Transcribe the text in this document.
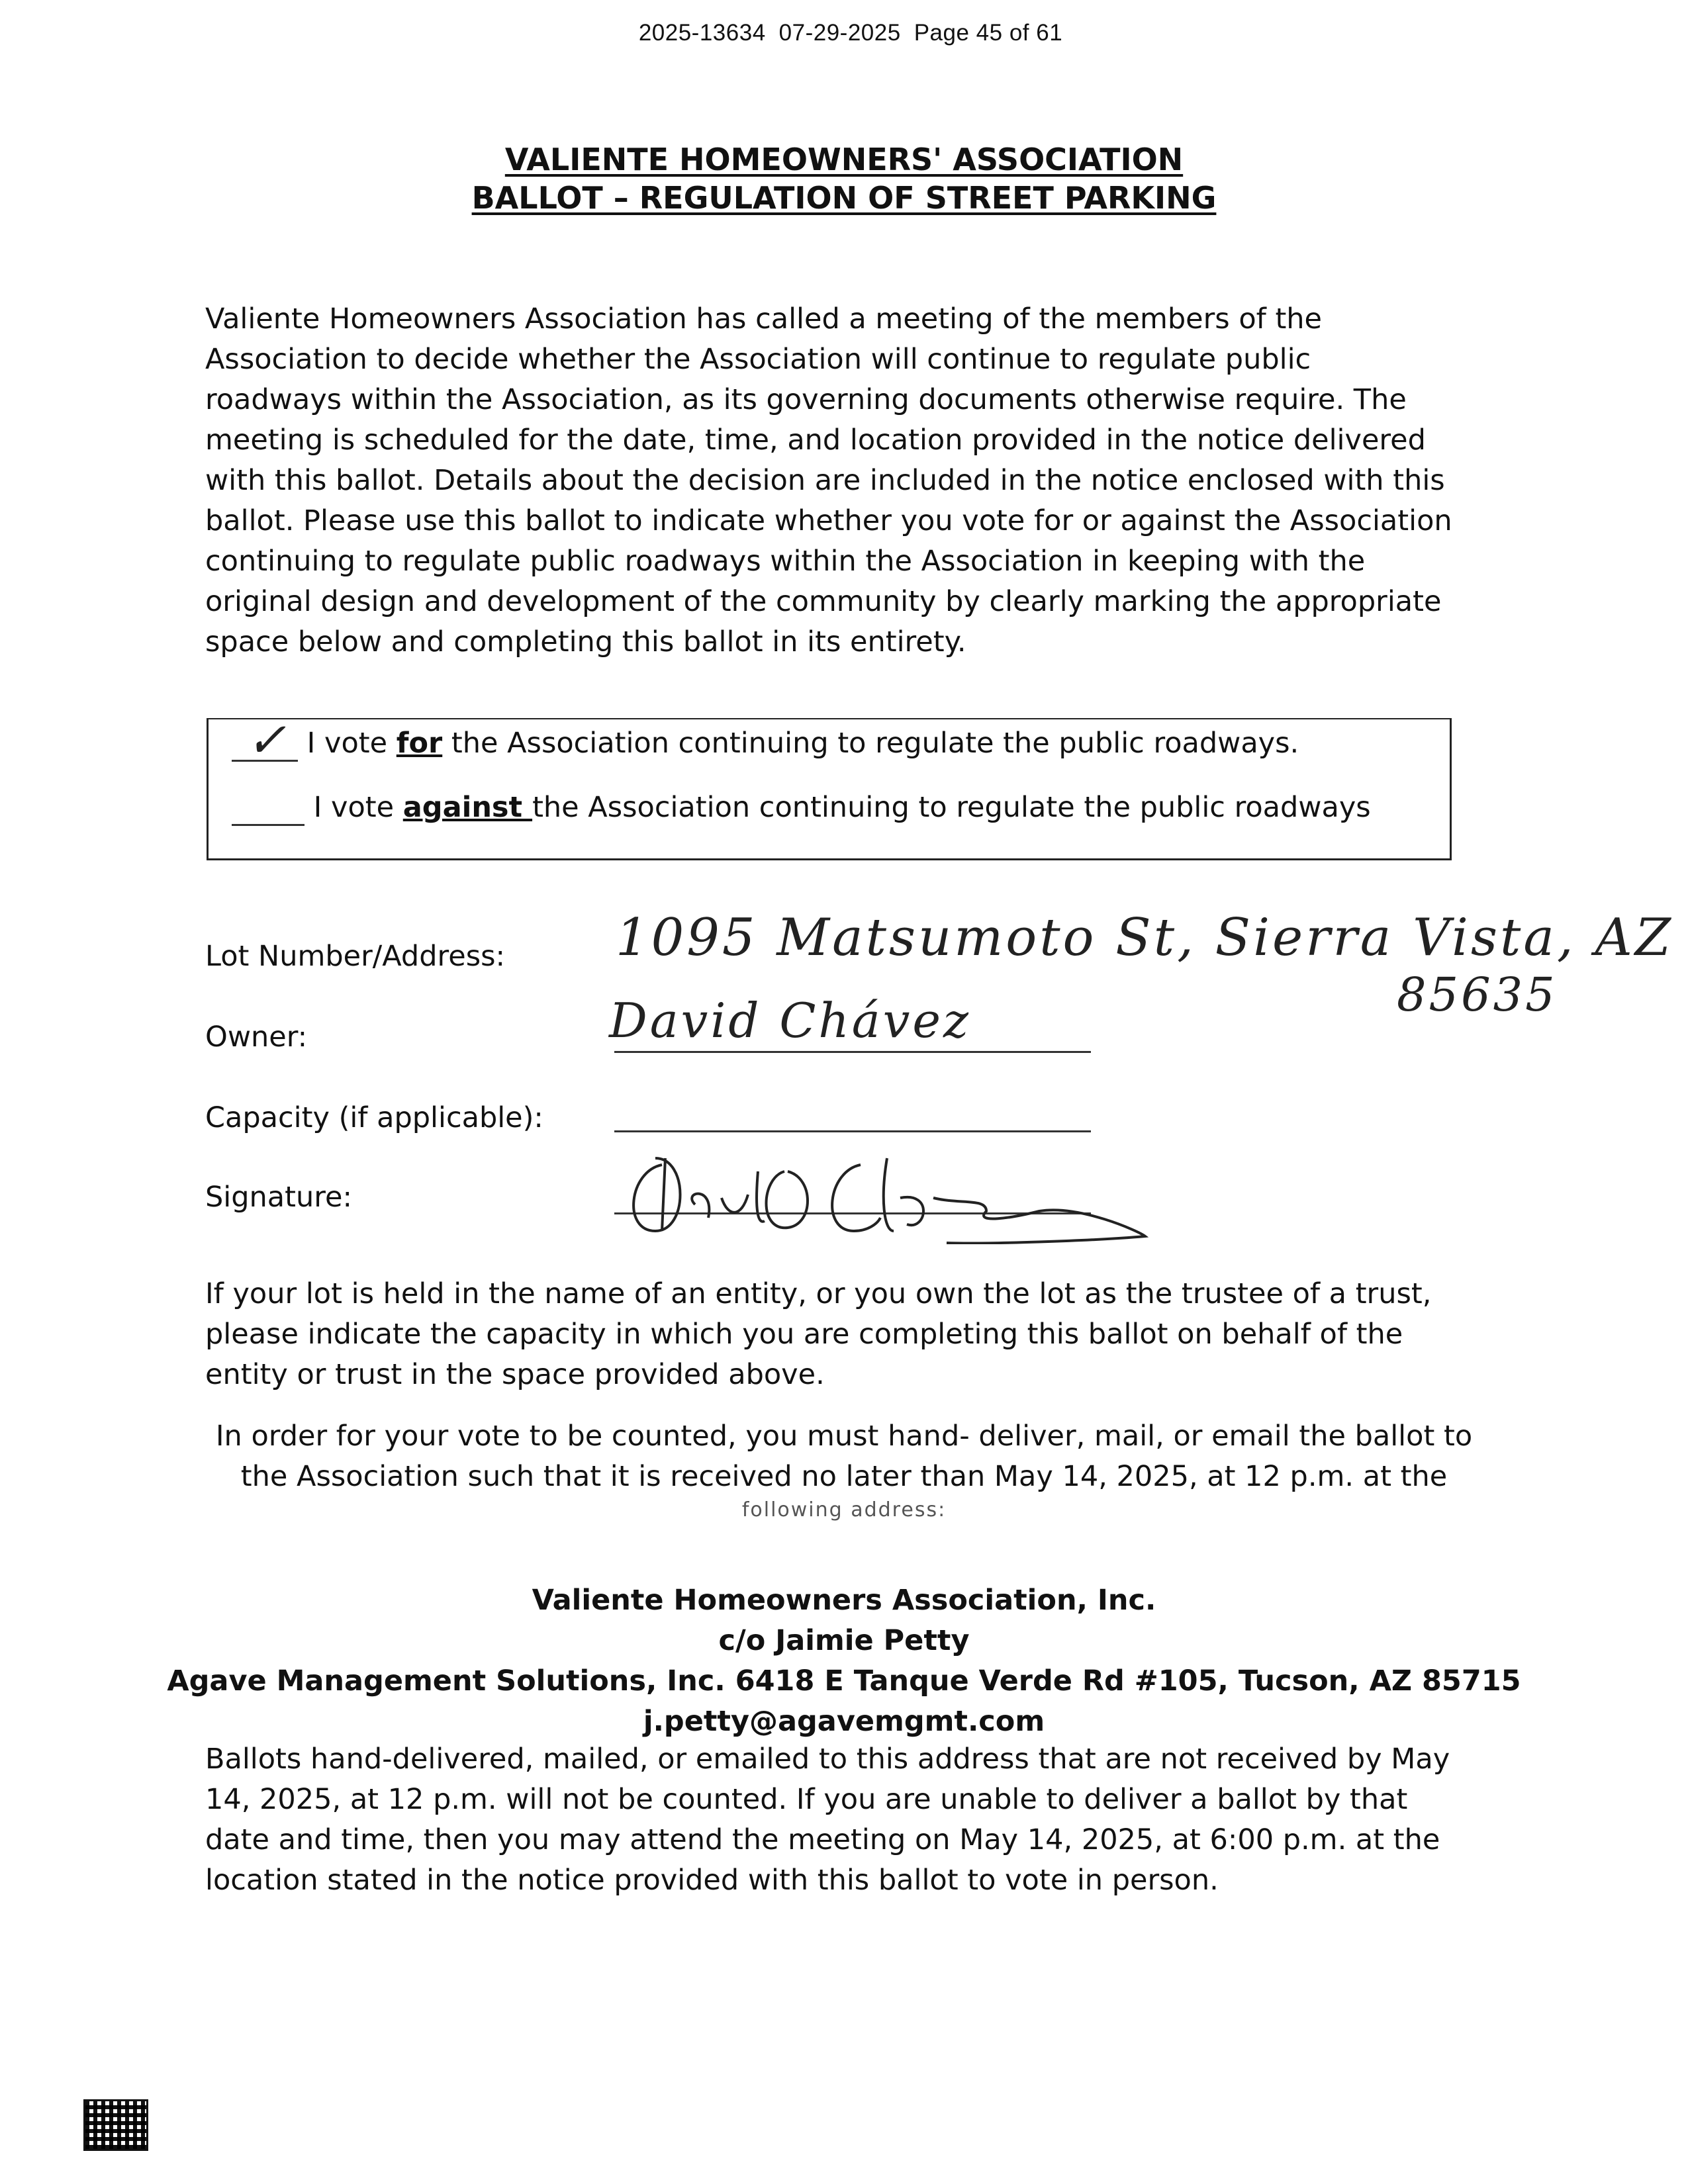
2025-13634 07-29-2025 Page 45 of 61
VALIENTE HOMEOWNERS' ASSOCIATION
BALLOT – REGULATION OF STREET PARKING
Valiente Homeowners Association has called a meeting of the members of the
Association to decide whether the Association will continue to regulate public
roadways within the Association, as its governing documents otherwise require. The
meeting is scheduled for the date, time, and location provided in the notice delivered
with this ballot. Details about the decision are included in the notice enclosed with this
ballot. Please use this ballot to indicate whether you vote for or against the Association
continuing to regulate public roadways within the Association in keeping with the
original design and development of the community by clearly marking the appropriate
space below and completing this ballot in its entirety.
✓ I vote for the Association continuing to regulate the public roadways.
I vote against the Association continuing to regulate the public roadways
Lot Number/Address: 1095 Matsumoto St, Sierra Vista, AZ
85635
Owner:	David Chávez
Capacity (if applicable):
Signature:
If your lot is held in the name of an entity, or you own the lot as the trustee of a trust,
please indicate the capacity in which you are completing this ballot on behalf of the
entity or trust in the space provided above.
In order for your vote to be counted, you must hand- deliver, mail, or email the ballot to
the Association such that it is received no later than May 14, 2025, at 12 p.m. at the
following address:
Valiente Homeowners Association, Inc.
c/o Jaimie Petty
Agave Management Solutions, Inc. 6418 E Tanque Verde Rd #105, Tucson, AZ 85715
j.petty@agavemgmt.com
Ballots hand-delivered, mailed, or emailed to this address that are not received by May
14, 2025, at 12 p.m. will not be counted. If you are unable to deliver a ballot by that
date and time, then you may attend the meeting on May 14, 2025, at 6:00 p.m. at the
location stated in the notice provided with this ballot to vote in person.
